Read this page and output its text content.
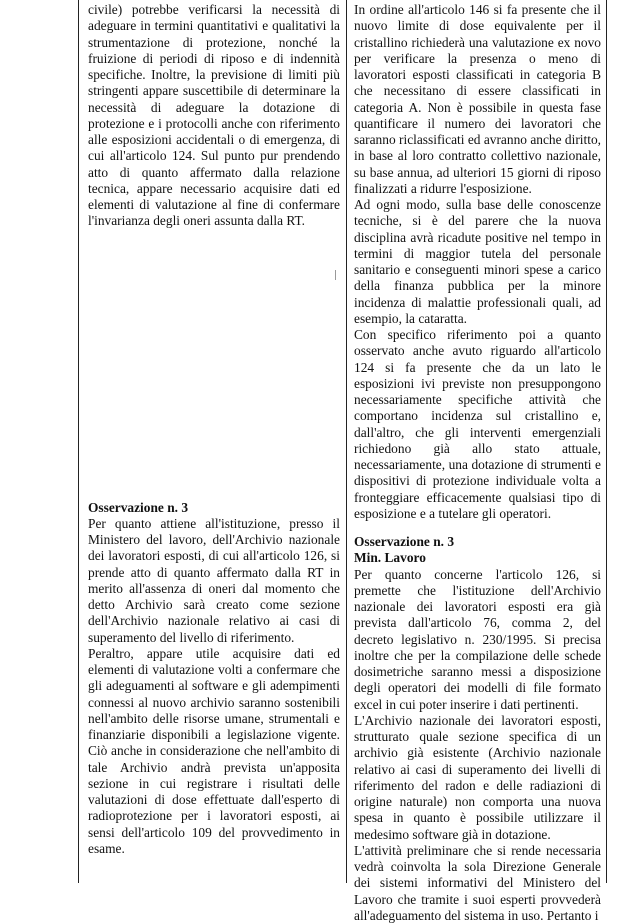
civile) potrebbe verificarsi la necessità di adeguare in termini quantitativi e qualitativi la strumentazione di protezione, nonché la fruizione di periodi di riposo e di indennità specifiche. Inoltre, la previsione di limiti più stringenti appare suscettibile di determinare la necessità di adeguare la dotazione di protezione e i protocolli anche con riferimento alle esposizioni accidentali o di emergenza, di cui all'articolo 124. Sul punto pur prendendo atto di quanto affermato dalla relazione tecnica, appare necessario acquisire dati ed elementi di valutazione al fine di confermare l'invarianza degli oneri assunta dalla RT.

Osservazione n. 3

Per quanto attiene all'istituzione, presso il Ministero del lavoro, dell'Archivio nazionale dei lavoratori esposti, di cui all'articolo 126, si prende atto di quanto affermato dalla RT in merito all'assenza di oneri dal momento che detto Archivio sarà creato come sezione dell'Archivio nazionale relativo ai casi di superamento del livello di riferimento.

Peraltro, appare utile acquisire dati ed elementi di valutazione volti a confermare che gli adeguamenti al software e gli adempimenti connessi al nuovo archivio saranno sostenibili nell'ambito delle risorse umane, strumentali e finanziarie disponibili a legislazione vigente. Ciò anche in considerazione che nell'ambito di tale Archivio andrà prevista un'apposita sezione in cui registrare i risultati delle valutazioni di dose effettuate dall'esperto di radioprotezione per i lavoratori esposti, ai sensi dell'articolo 109 del provvedimento in esame.

In ordine all'articolo 146 si fa presente che il nuovo limite di dose equivalente per il cristallino richiederà una valutazione ex novo per verificare la presenza o meno di lavoratori esposti classificati in categoria B che necessitano di essere classificati in categoria A. Non è possibile in questa fase quantificare il numero dei lavoratori che saranno riclassificati ed avranno anche diritto, in base al loro contratto collettivo nazionale, su base annua, ad ulteriori 15 giorni di riposo finalizzati a ridurre l'esposizione.

Ad ogni modo, sulla base delle conoscenze tecniche, si è del parere che la nuova disciplina avrà ricadute positive nel tempo in termini di maggior tutela del personale sanitario e conseguenti minori spese a carico della finanza pubblica per la minore incidenza di malattie professionali quali, ad esempio, la cataratta.

Con specifico riferimento poi a quanto osservato anche avuto riguardo all'articolo 124 si fa presente che da un lato le esposizioni ivi previste non presuppongono necessariamente specifiche attività che comportano incidenza sul cristallino e, dall'altro, che gli interventi emergenziali richiedono già allo stato attuale, necessariamente, una dotazione di strumenti e dispositivi di protezione individuale volta a fronteggiare efficacemente qualsiasi tipo di esposizione e a tutelare gli operatori.

Osservazione n. 3

Min. Lavoro

Per quanto concerne l'articolo 126, si premette che l'istituzione dell'Archivio nazionale dei lavoratori esposti era già prevista dall'articolo 76, comma 2, del decreto legislativo n. 230/1995. Si precisa inoltre che per la compilazione delle schede dosimetriche saranno messi a disposizione degli operatori dei modelli di file formato excel in cui poter inserire i dati pertinenti.

L'Archivio nazionale dei lavoratori esposti, strutturato quale sezione specifica di un archivio già esistente (Archivio nazionale relativo ai casi di superamento dei livelli di riferimento del radon e delle radiazioni di origine naturale) non comporta una nuova spesa in quanto è possibile utilizzare il medesimo software già in dotazione.

L'attività preliminare che si rende necessaria vedrà coinvolta la sola Direzione Generale dei sistemi informativi del Ministero del Lavoro che tramite i suoi esperti provvederà all'adeguamento del sistema in uso. Pertanto i
